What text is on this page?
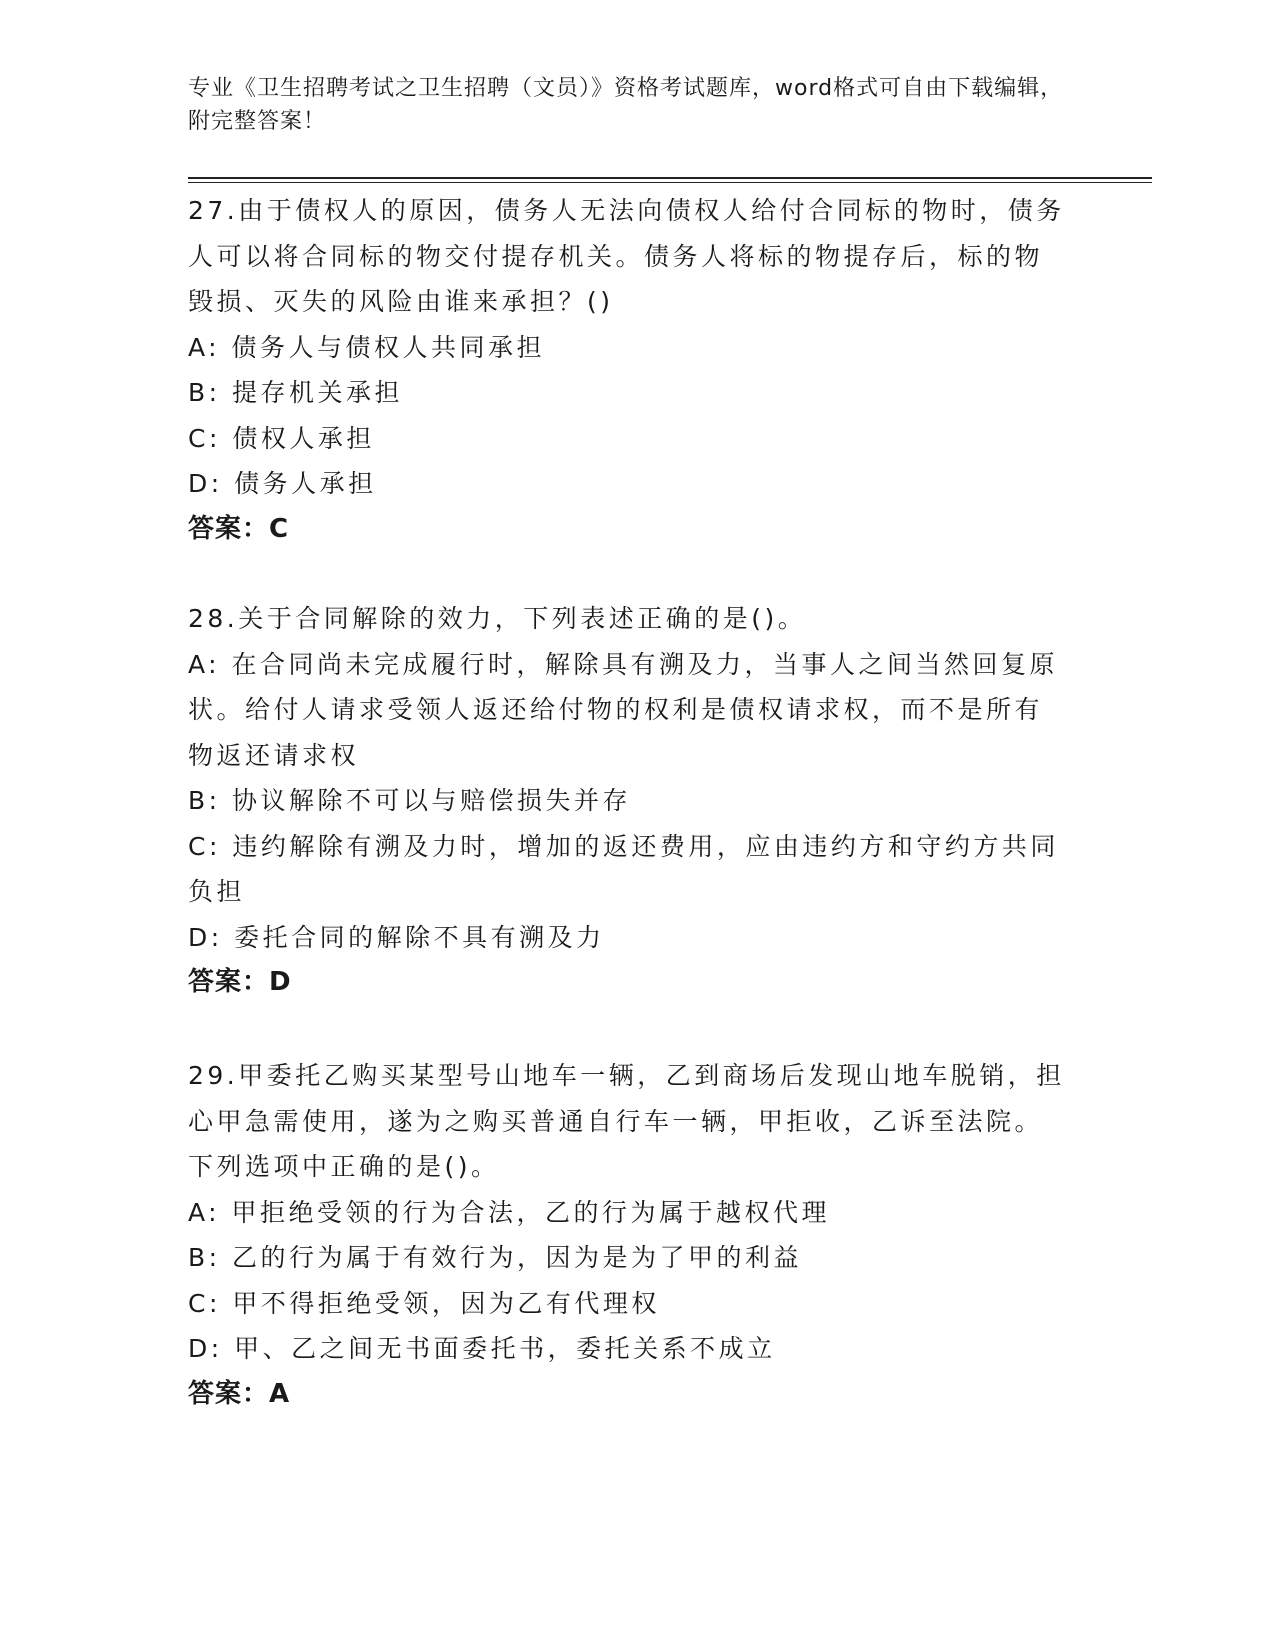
专业《卫生招聘考试之卫生招聘（文员）》资格考试题库，word格式可自由下载编辑，附完整答案！

27.由于债权人的原因，债务人无法向债权人给付合同标的物时，债务人可以将合同标的物交付提存机关。债务人将标的物提存后，标的物毁损、灭失的风险由谁来承担？()

A: 债务人与债权人共同承担

B: 提存机关承担

C: 债权人承担

D: 债务人承担

答案：C

28.关于合同解除的效力，下列表述正确的是()。

A: 在合同尚未完成履行时，解除具有溯及力，当事人之间当然回复原状。给付人请求受领人返还给付物的权利是债权请求权，而不是所有物返还请求权

B: 协议解除不可以与赔偿损失并存

C: 违约解除有溯及力时，增加的返还费用，应由违约方和守约方共同负担

D: 委托合同的解除不具有溯及力

答案：D

29.甲委托乙购买某型号山地车一辆，乙到商场后发现山地车脱销，担心甲急需使用，遂为之购买普通自行车一辆，甲拒收，乙诉至法院。下列选项中正确的是()。

A: 甲拒绝受领的行为合法，乙的行为属于越权代理

B: 乙的行为属于有效行为，因为是为了甲的利益

C: 甲不得拒绝受领，因为乙有代理权

D: 甲、乙之间无书面委托书，委托关系不成立

答案：A
